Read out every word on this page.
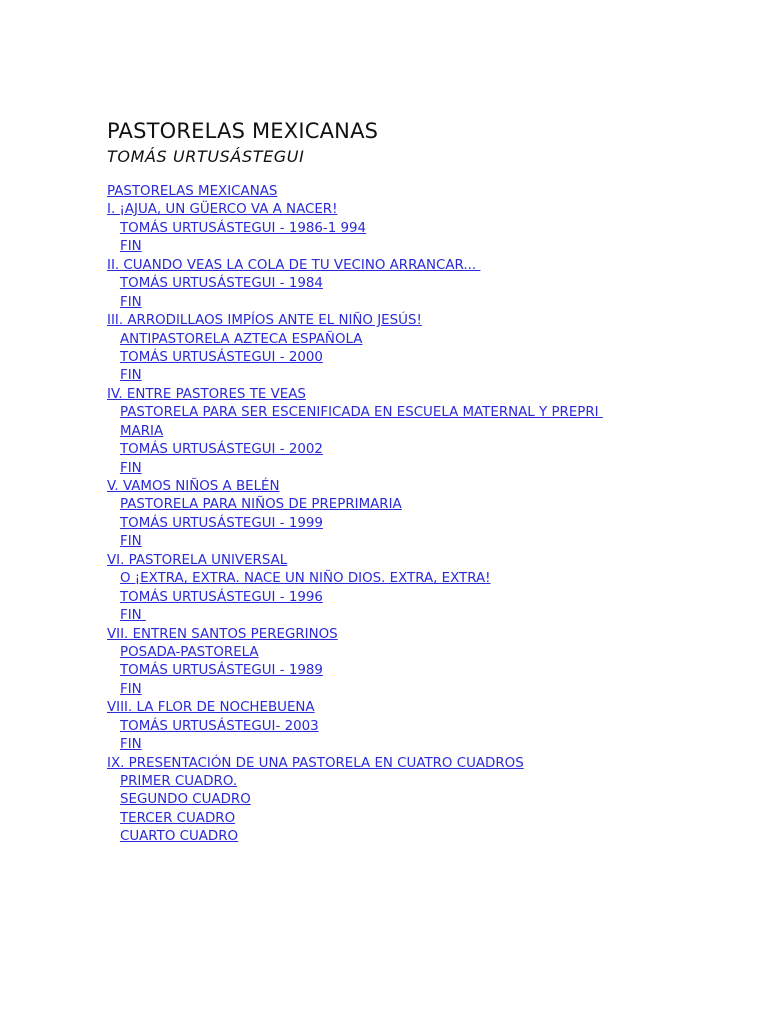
PASTORELAS MEXICANAS
TOMÁS URTUSÁSTEGUI
PASTORELAS MEXICANAS
I. ¡AJUA, UN GÜERCO VA A NACER!
TOMÁS URTUSÁSTEGUI - 1986-1 994
FIN
II. CUANDO VEAS LA COLA DE TU VECINO ARRANCAR...
TOMÁS URTUSÁSTEGUI - 1984
FIN
III. ARRODILLAOS IMPÍOS ANTE EL NIÑO JESÚS!
ANTIPASTORELA AZTECA ESPAÑOLA
TOMÁS URTUSÁSTEGUI - 2000
FIN
IV. ENTRE PASTORES TE VEAS
PASTORELA PARA SER ESCENIFICADA EN ESCUELA MATERNAL Y PREPRI
MARIA
TOMÁS URTUSÁSTEGUI - 2002
FIN
V. VAMOS NIÑOS A BELÉN
PASTORELA PARA NIÑOS DE PREPRIMARIA
TOMÁS URTUSÁSTEGUI - 1999
FIN
VI. PASTORELA UNIVERSAL
O ¡EXTRA, EXTRA. NACE UN NIÑO DIOS. EXTRA, EXTRA!
TOMÁS URTUSÁSTEGUI - 1996
FIN
VII. ENTREN SANTOS PEREGRINOS
POSADA-PASTORELA
TOMÁS URTUSÁSTEGUI - 1989
FIN
VIII. LA FLOR DE NOCHEBUENA
TOMÁS URTUSÁSTEGUI- 2003
FIN
IX. PRESENTACIÓN DE UNA PASTORELA EN CUATRO CUADROS
PRIMER CUADRO.
SEGUNDO CUADRO
TERCER CUADRO
CUARTO CUADRO
